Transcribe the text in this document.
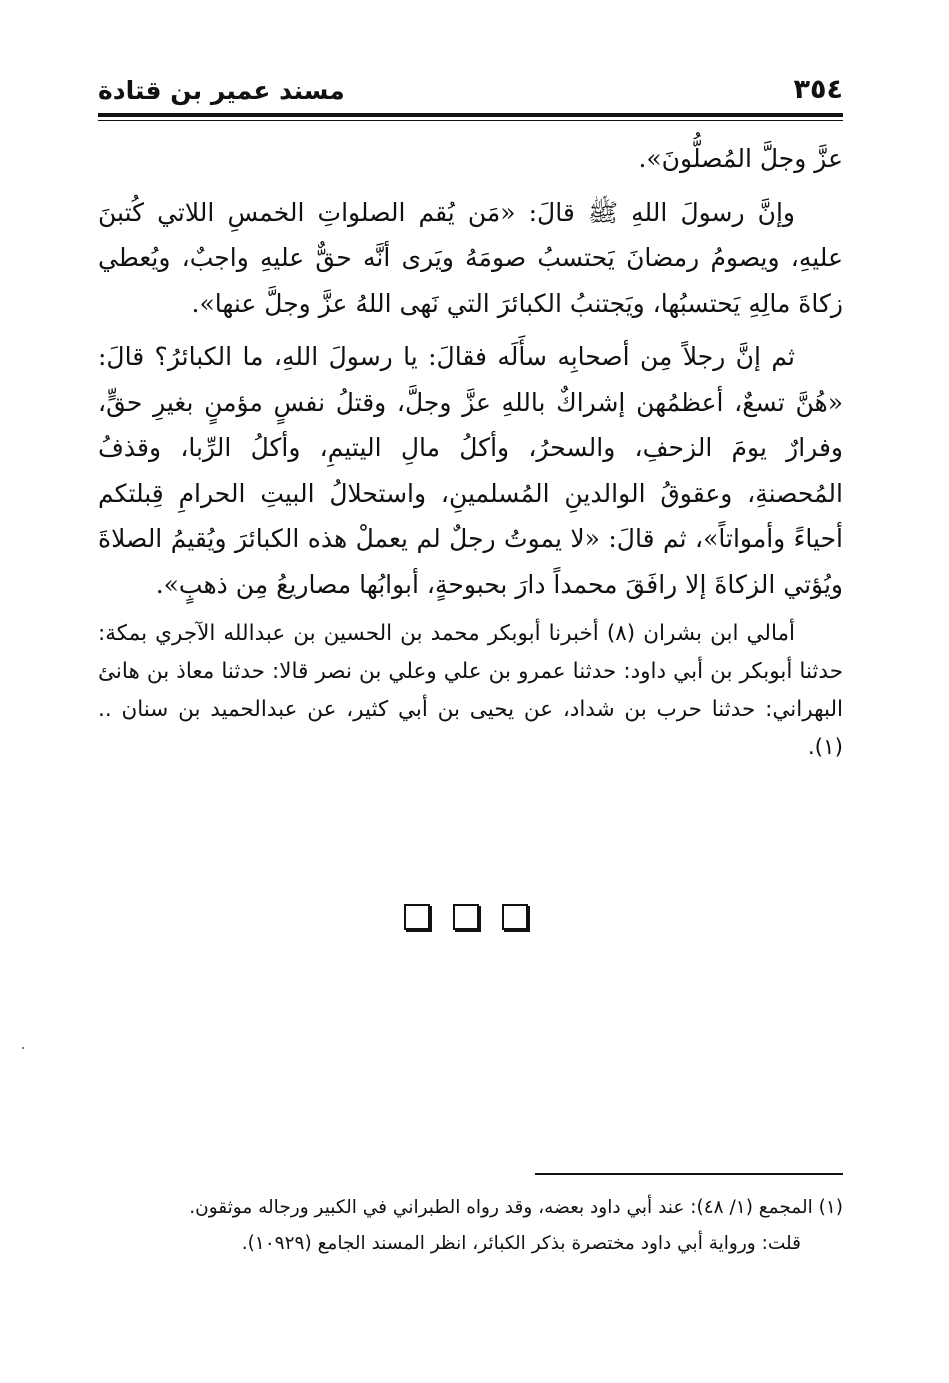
مسند عمير بن قتادة	٣٥٤

عزَّ وجلَّ المُصلُّونَ».

وإنَّ رسولَ اللهِ ﷺ قالَ: «مَن يُقم الصلواتِ الخمسِ اللاتي كُتبنَ عليهِ، ويصومُ رمضانَ يَحتسبُ صومَهُ ويَرى أنَّه حقٌّ عليهِ واجبٌ، ويُعطي زكاةَ مالِهِ يَحتسبُها، ويَجتنبُ الكبائرَ التي نَهى اللهُ عزَّ وجلَّ عنها».

ثم إنَّ رجلاً مِن أصحابِه سأَلَه فقالَ: يا رسولَ اللهِ، ما الكبائرُ؟ قالَ: «هُنَّ تسعٌ، أعظمُهن إشراكٌ باللهِ عزَّ وجلَّ، وقتلُ نفسٍ مؤمنٍ بغيرِ حقٍّ، وفرارٌ يومَ الزحفِ، والسحرُ، وأكلُ مالِ اليتيمِ، وأكلُ الرِّبا، وقذفُ المُحصنةِ، وعقوقُ الوالدينِ المُسلمينِ، واستحلالُ البيتِ الحرامِ قِبلتكم أحياءً وأمواتاً»، ثم قالَ: «لا يموتُ رجلٌ لم يعملْ هذه الكبائرَ ويُقيمُ الصلاةَ ويُؤتي الزكاةَ إلا رافَقَ محمداً دارَ بحبوحةٍ، أبوابُها مصاريعُ مِن ذهبٍ».

أمالي ابن بشران (٨) أخبرنا أبوبكر محمد بن الحسين بن عبدالله الآجري بمكة: حدثنا أبوبكر بن أبي داود: حدثنا عمرو بن علي وعلي بن نصر قالا: حدثنا معاذ بن هانئ البهراني: حدثنا حرب بن شداد، عن يحيى بن أبي كثير، عن عبدالحميد بن سنان .. (١).

(١) المجمع (١/ ٤٨): عند أبي داود بعضه، وقد رواه الطبراني في الكبير ورجاله موثقون.

قلت: ورواية أبي داود مختصرة بذكر الكبائر، انظر المسند الجامع (١٠٩٢٩).
